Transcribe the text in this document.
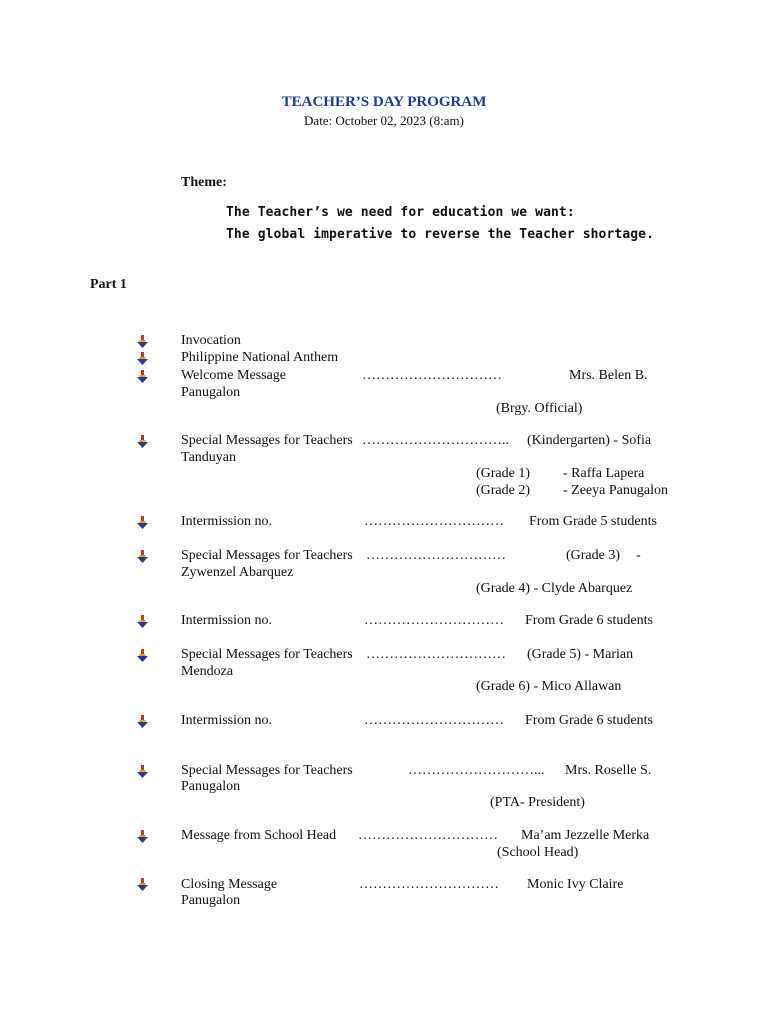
TEACHER’S DAY PROGRAM
Date: October 02, 2023 (8:am)
Theme:
The Teacher’s we need for education we want:
The global imperative to reverse the Teacher shortage.
Part 1
Invocation
Philippine National Anthem
Welcome Message	…………………………	Mrs. Belen B.
Panugalon
(Brgy. Official)
Special Messages for Teachers ………………………….. (Kindergarten) - Sofia
Tanduyan
(Grade 1) - Raffa Lapera
(Grade 2) - Zeeya Panugalon
Intermission no.	………………………… From Grade 5 students
Special Messages for Teachers …………………………	(Grade 3) -
Zywenzel Abarquez
(Grade 4) - Clyde Abarquez
Intermission no.	………………………… From Grade 6 students
Special Messages for Teachers ………………………… (Grade 5) - Marian
Mendoza
(Grade 6) - Mico Allawan
Intermission no.	………………………… From Grade 6 students
Special Messages for Teachers	………………………... Mrs. Roselle S.
Panugalon
(PTA- President)
Message from School Head ………………………… Ma’am Jezzelle Merka
(School Head)
Closing Message	………………………… Monic Ivy Claire
Panugalon
